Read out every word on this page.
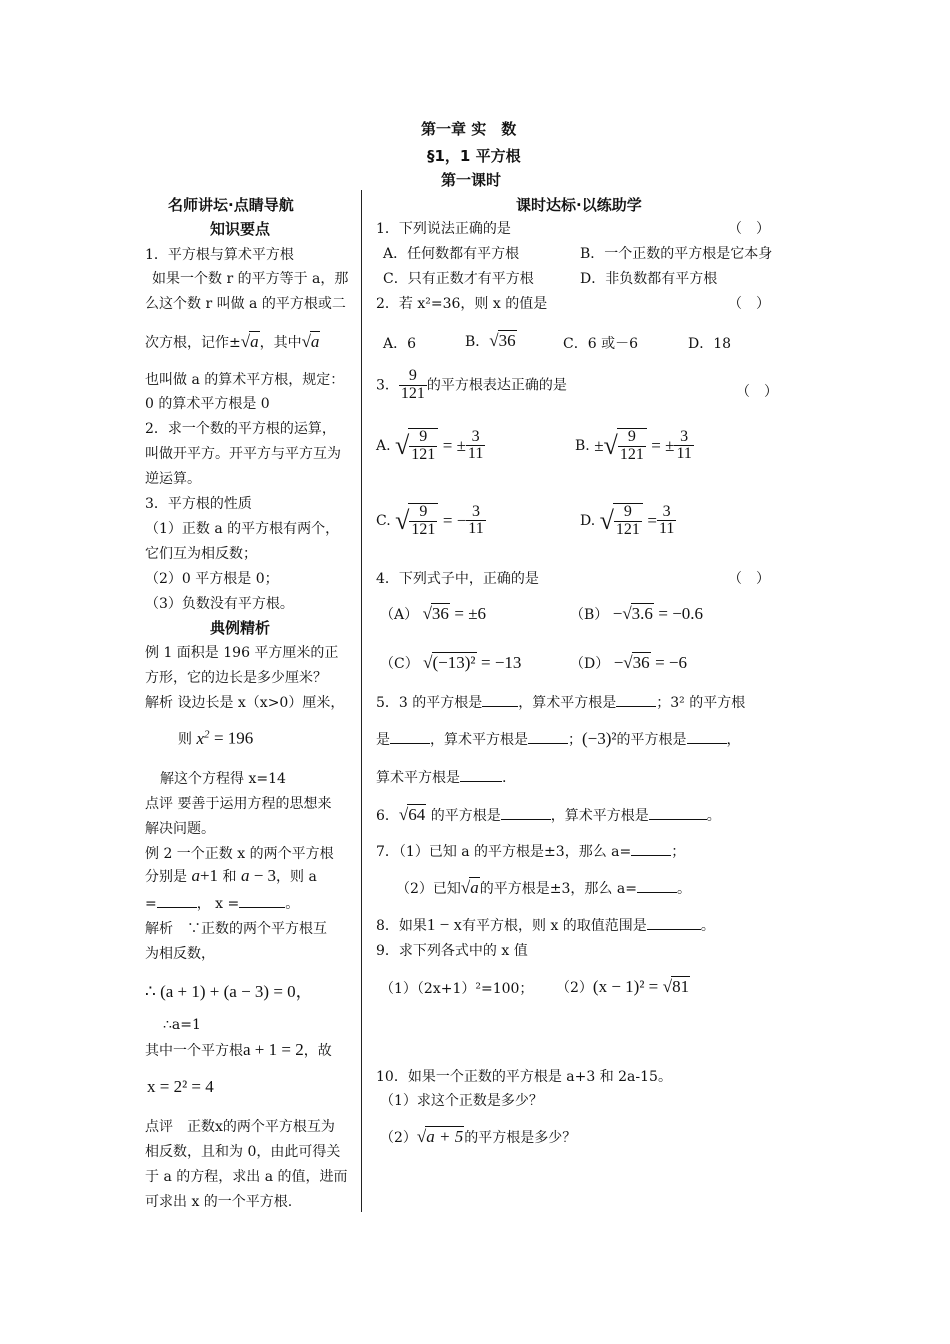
第一章 实　数
§1，1 平方根
第一课时
名师讲坛·点睛导航
知识要点
1．平方根与算术平方根
如果一个数 r 的平方等于 a，那
么这个数 r 叫做 a 的平方根或二
次方根，记作±√a，其中√a
也叫做 a 的算术平方根，规定：
0 的算术平方根是 0
2．求一个数的平方根的运算，
叫做开平方。开平方与平方互为
逆运算。
3．平方根的性质
（1）正数 a 的平方根有两个，
它们互为相反数；
（2）0 平方根是 0；
（3）负数没有平方根。
典例精析
例 1 面积是 196 平方厘米的正
方形，它的边长是多少厘米？
解析 设边长是 x（x>0）厘米，
则 $x^2 = 196$
解这个方程得 x=14
点评 要善于运用方程的思想来
解决问题。
例 2 一个正数 x 的两个平方根
分别是 a+1 和 a − 3，则 a
=	， x =	。
解析　∵正数的两个平方根互
为相反数，
∴ (a + 1) + (a − 3) = 0，
∴a=1
其中一个平方根a + 1 = 2，故
x = 2² = 4
点评　正数x的两个平方根互为
相反数，且和为 0，由此可得关
于 a 的方程，求出 a 的值，进而
可求出 x 的一个平方根.
课时达标·以练助学
1．下列说法正确的是	（　）
A．任何数都有平方根	B．一个正数的平方根是它本身
C．只有正数才有平方根	D．非负数都有平方根
2．若 x²=36，则 x 的值是	（　）
A．6	B．√36	C．6 或－6	D．18
3． $\frac{9}{121}$ 的平方根表达正确的是	（　）
A. √ $\frac{9}{121}$ = ± $\frac{3}{11}$	B. ±√ $\frac{9}{121}$ = ± $\frac{3}{11}$
C. √ $\frac{9}{121}$ = − $\frac{3}{11}$	D. √ $\frac{9}{121} = \frac{3}{11}$
4．下列式子中，正确的是	（　）
（A） √36 = ±6	（B） −√3.6 = −0.6
（C） √(−13)² = −13	（D） −√36 = −6
5．3 的平方根是	，算术平方根是	；3² 的平方根
是	，算术平方根是	；(−3)²的平方根是	，
算术平方根是	.
6．√64 的平方根是	，算术平方根是	。
7．（1）已知 a 的平方根是±3，那么 a=	；
（2）已知√a的平方根是±3，那么 a=	。
8．如果1 − x有平方根，则 x 的取值范围是	。
9．求下列各式中的 x 值
（1）（2x+1）²=100； （2）(x − 1)² = √81
10．如果一个正数的平方根是 a+3 和 2a-15。
（1）求这个正数是多少？
（2）√a + 5的平方根是多少？
